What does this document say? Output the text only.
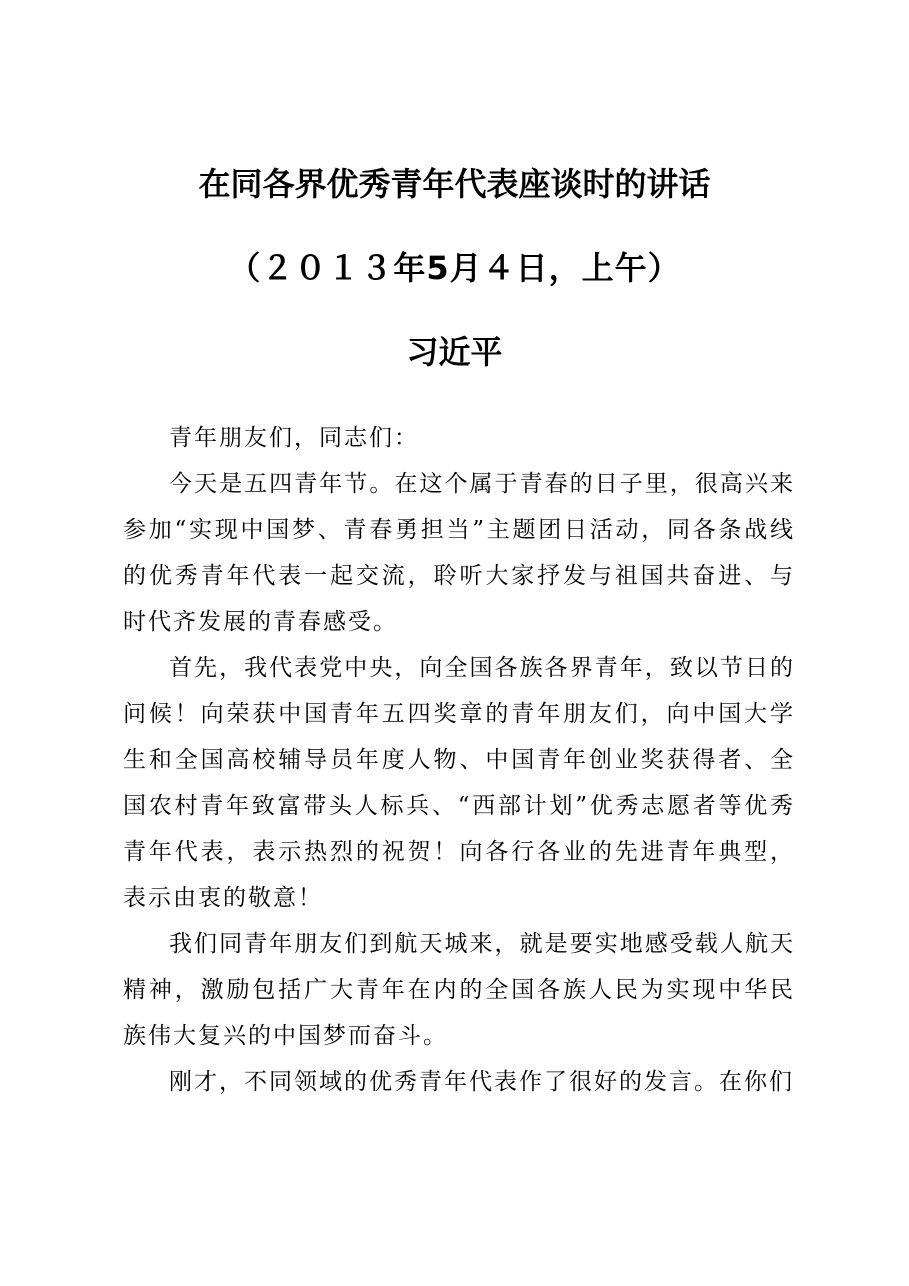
在同各界优秀青年代表座谈时的讲话
（２０１３年5月４日，上午）
习近平

青年朋友们，同志们：

今天是五四青年节。在这个属于青春的日子里，很高兴来参加“实现中国梦、青春勇担当”主题团日活动，同各条战线的优秀青年代表一起交流，聆听大家抒发与祖国共奋进、与时代齐发展的青春感受。

首先，我代表党中央，向全国各族各界青年，致以节日的问候！向荣获中国青年五四奖章的青年朋友们，向中国大学生和全国高校辅导员年度人物、中国青年创业奖获得者、全国农村青年致富带头人标兵、“西部计划”优秀志愿者等优秀青年代表，表示热烈的祝贺！向各行各业的先进青年典型，表示由衷的敬意！

我们同青年朋友们到航天城来，就是要实地感受载人航天精神，激励包括广大青年在内的全国各族人民为实现中华民族伟大复兴的中国梦而奋斗。

刚才，不同领域的优秀青年代表作了很好的发言。在你们
